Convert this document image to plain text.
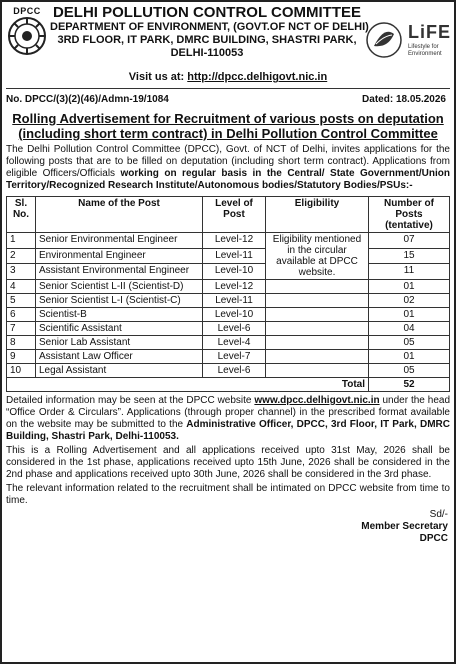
DPCC DELHI POLLUTION CONTROL COMMITTEE
DEPARTMENT OF ENVIRONMENT, (GOVT.OF NCT OF DELHI)
3RD FLOOR, IT PARK, DMRC BUILDING, SHASTRI PARK,
DELHI-110053
LiFE
Lifestyle for Environment
Visit us at: http://dpcc.delhigovt.nic.in
No. DPCC/(3)(2)(46)/Admn-19/1084	Dated: 18.05.2026
Rolling Advertisement for Recruitment of various posts on deputation (including short term contract) in Delhi Pollution Control Committee
The Delhi Pollution Control Committee (DPCC), Govt. of NCT of Delhi, invites applications for the following posts that are to be filled on deputation (including short term contract). Applications from eligible Officers/Officials working on regular basis in the Central/ State Government/Union Territory/Recognized Research Institute/Autonomous bodies/Statutory Bodies/PSUs:-
Sl. No.	Name of the Post	Level of Post	Eligibility	Number of Posts (tentative)
1	Senior Environmental Engineer	Level-12	Eligibility mentioned in the circular available at DPCC website.	07
2	Environmental Engineer	Level-11		15
3	Assistant Environmental Engineer	Level-10		11
4	Senior Scientist L-II (Scientist-D)	Level-12		01
5	Senior Scientist L-I (Scientist-C)	Level-11		02
6	Scientist-B	Level-10		01
7	Scientific Assistant	Level-6		04
8	Senior Lab Assistant	Level-4		05
9	Assistant Law Officer	Level-7		01
10	Legal Assistant	Level-6		05
Total				52
Detailed information may be seen at the DPCC website www.dpcc.delhigovt.nic.in under the head “Office Order & Circulars”. Applications (through proper channel) in the prescribed format available on the website may be submitted to the Administrative Officer, DPCC, 3rd Floor, IT Park, DMRC Building, Shastri Park, Delhi-110053.
This is a Rolling Advertisement and all applications received upto 31st May, 2026 shall be considered in the 1st phase, applications received upto 15th June, 2026 shall be considered in the 2nd phase and applications received upto 30th June, 2026 shall be considered in the 3rd phase.
The relevant information related to the recruitment shall be intimated on DPCC website from time to time.
Sd/-
Member Secretary
DPCC
